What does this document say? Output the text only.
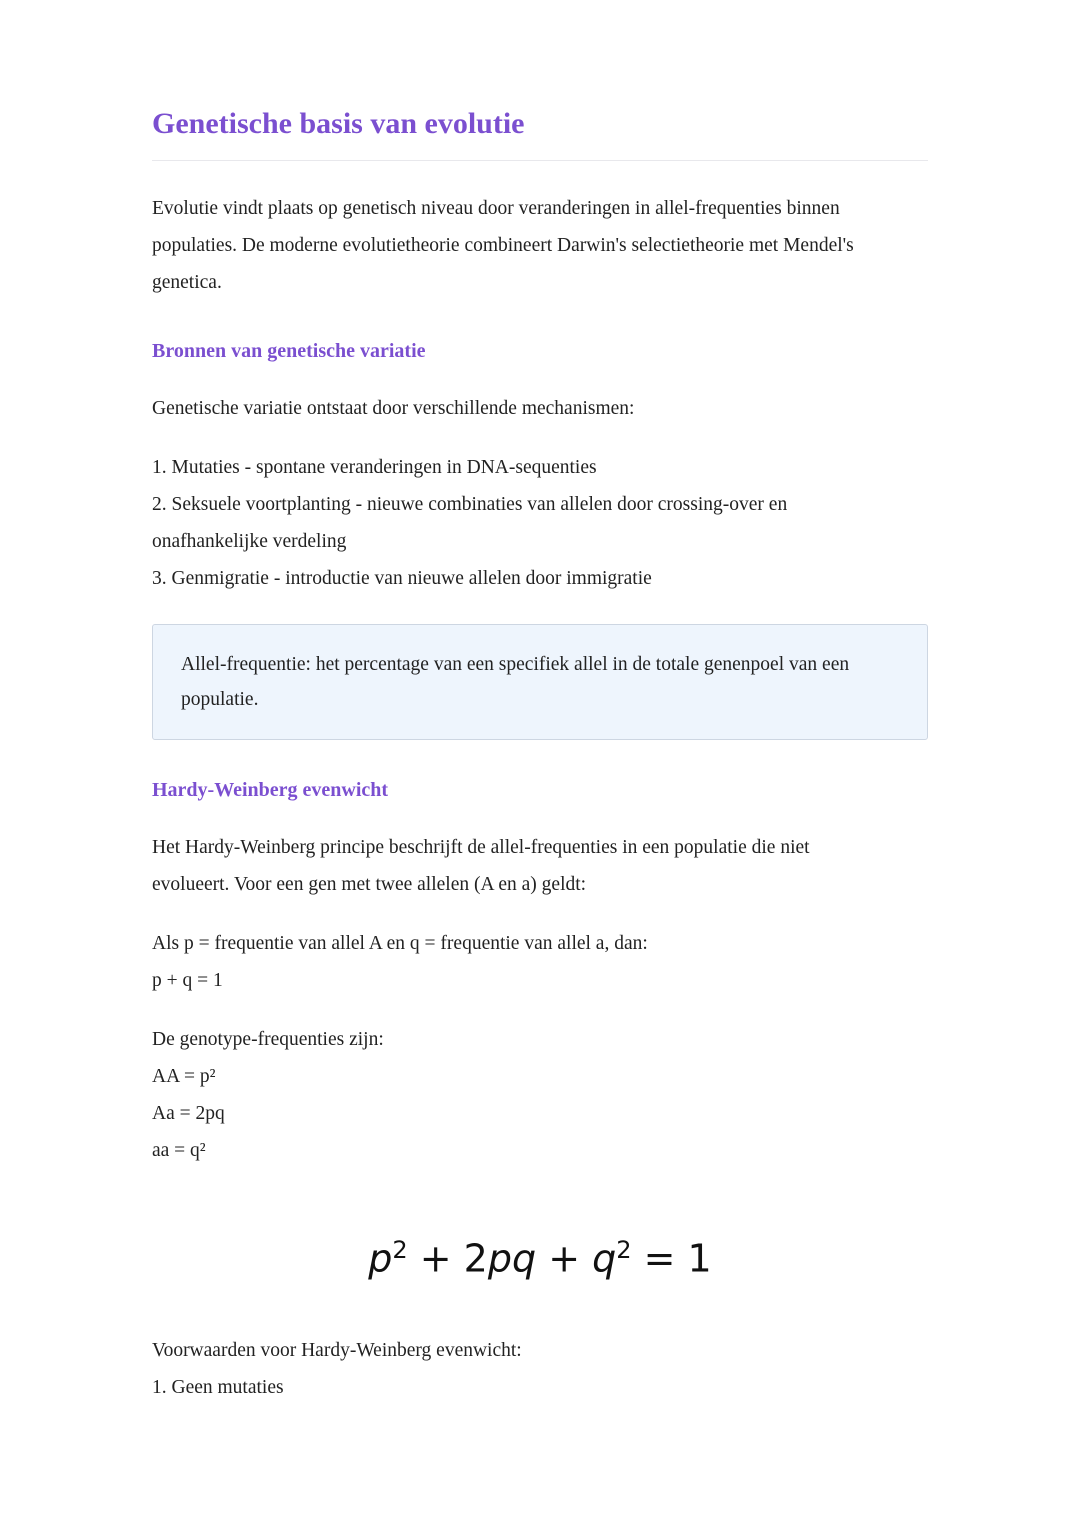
Genetische basis van evolutie

Evolutie vindt plaats op genetisch niveau door veranderingen in allel-frequenties binnen populaties. De moderne evolutietheorie combineert Darwin's selectietheorie met Mendel's genetica.

Bronnen van genetische variatie

Genetische variatie ontstaat door verschillende mechanismen:

1. Mutaties - spontane veranderingen in DNA-sequenties
2. Seksuele voortplanting - nieuwe combinaties van allelen door crossing-over en onafhankelijke verdeling
3. Genmigratie - introductie van nieuwe allelen door immigratie

Allel-frequentie: het percentage van een specifiek allel in de totale genenpoel van een populatie.

Hardy-Weinberg evenwicht

Het Hardy-Weinberg principe beschrijft de allel-frequenties in een populatie die niet evolueert. Voor een gen met twee allelen (A en a) geldt:

Als p = frequentie van allel A en q = frequentie van allel a, dan:

p + q = 1

De genotype-frequenties zijn:

AA = p²

Aa = 2pq

aa = q²

$p^2 + 2pq + q^2 = 1$

Voorwaarden voor Hardy-Weinberg evenwicht:

1. Geen mutaties
